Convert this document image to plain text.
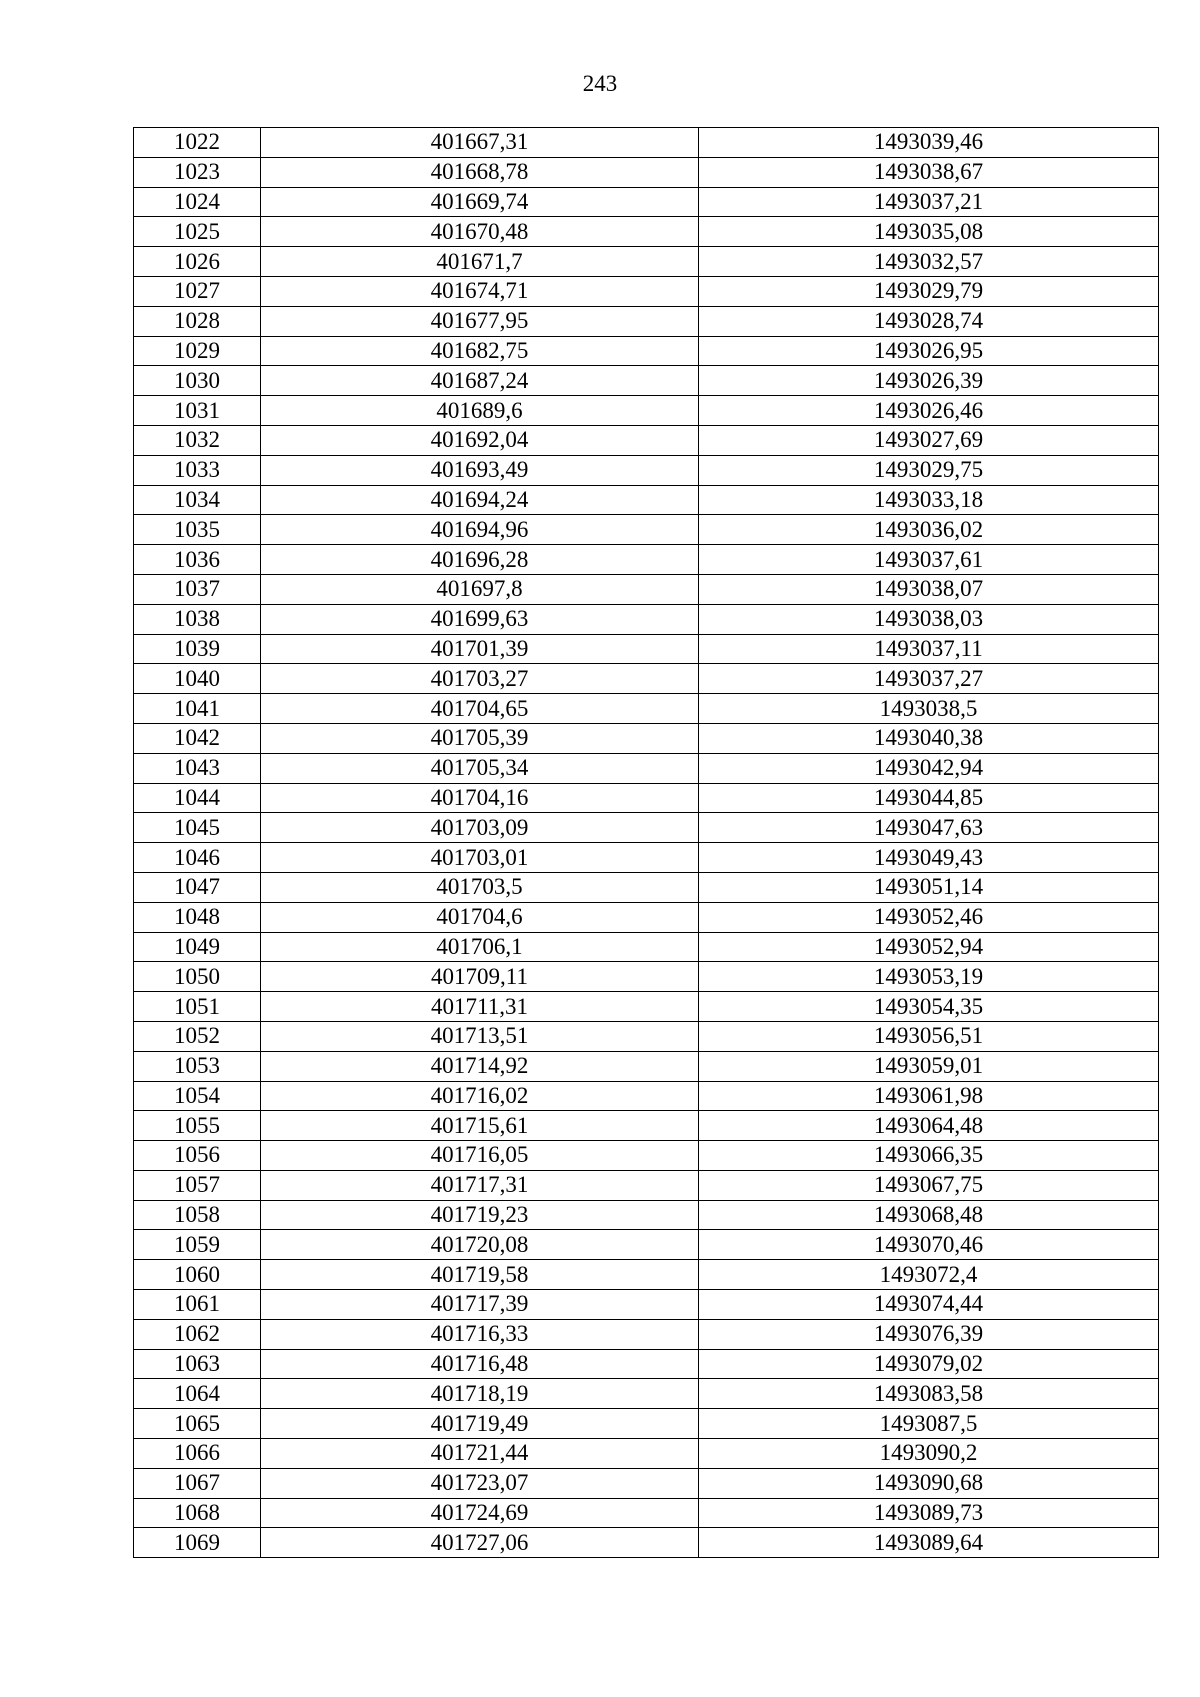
243
1022	401667,31	1493039,46
1023	401668,78	1493038,67
1024	401669,74	1493037,21
1025	401670,48	1493035,08
1026	401671,7	1493032,57
1027	401674,71	1493029,79
1028	401677,95	1493028,74
1029	401682,75	1493026,95
1030	401687,24	1493026,39
1031	401689,6	1493026,46
1032	401692,04	1493027,69
1033	401693,49	1493029,75
1034	401694,24	1493033,18
1035	401694,96	1493036,02
1036	401696,28	1493037,61
1037	401697,8	1493038,07
1038	401699,63	1493038,03
1039	401701,39	1493037,11
1040	401703,27	1493037,27
1041	401704,65	1493038,5
1042	401705,39	1493040,38
1043	401705,34	1493042,94
1044	401704,16	1493044,85
1045	401703,09	1493047,63
1046	401703,01	1493049,43
1047	401703,5	1493051,14
1048	401704,6	1493052,46
1049	401706,1	1493052,94
1050	401709,11	1493053,19
1051	401711,31	1493054,35
1052	401713,51	1493056,51
1053	401714,92	1493059,01
1054	401716,02	1493061,98
1055	401715,61	1493064,48
1056	401716,05	1493066,35
1057	401717,31	1493067,75
1058	401719,23	1493068,48
1059	401720,08	1493070,46
1060	401719,58	1493072,4
1061	401717,39	1493074,44
1062	401716,33	1493076,39
1063	401716,48	1493079,02
1064	401718,19	1493083,58
1065	401719,49	1493087,5
1066	401721,44	1493090,2
1067	401723,07	1493090,68
1068	401724,69	1493089,73
1069	401727,06	1493089,64
